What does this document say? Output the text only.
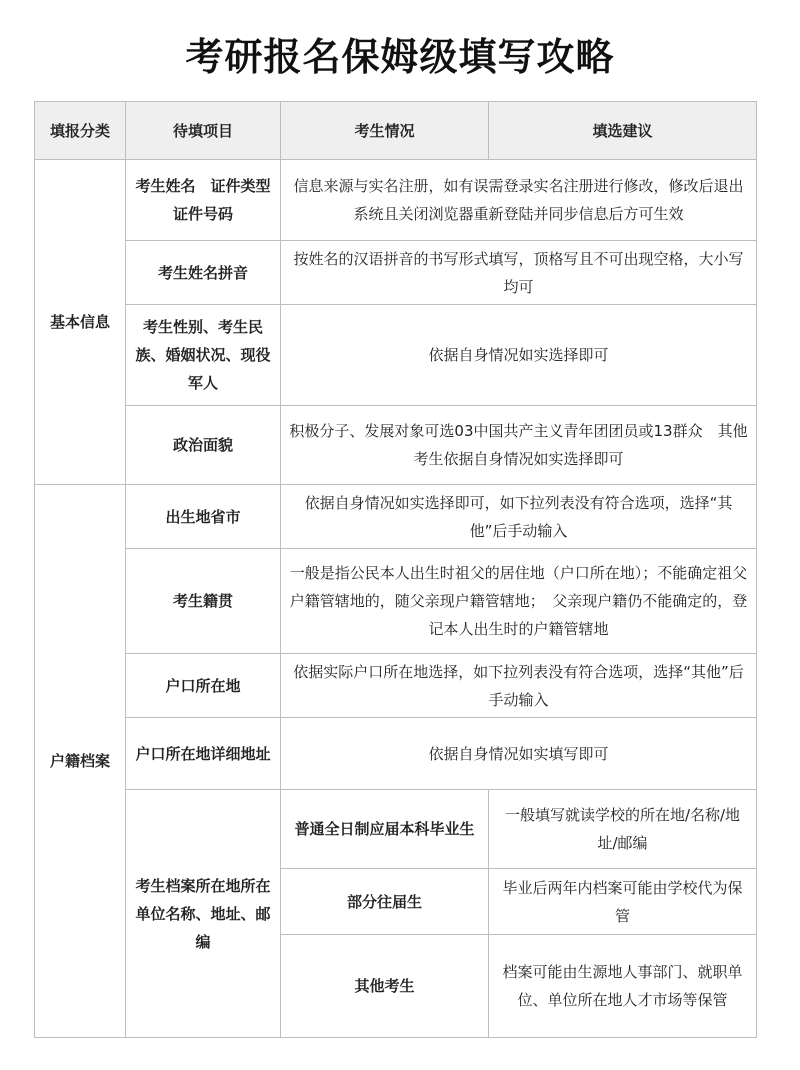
考研报名保姆级填写攻略
填报分类	待填项目	考生情况	填选建议
基本信息	考生姓名　证件类型　证件号码	信息来源与实名注册，如有误需登录实名注册进行修改，修改后退出系统且关闭浏览器重新登陆并同步信息后方可生效	
	考生姓名拼音	按姓名的汉语拼音的书写形式填写，顶格写且不可出现空格，大小写均可	
	考生性别、考生民族、婚姻状况、现役军人	依据自身情况如实选择即可	
	政治面貌	积极分子、发展对象可选03中国共产主义青年团团员或13群众　其他考生依据自身情况如实选择即可	
户籍档案	出生地省市	依据自身情况如实选择即可，如下拉列表没有符合选项，选择“其他”后手动输入	
	考生籍贯	一般是指公民本人出生时祖父的居住地（户口所在地）；不能确定祖父户籍管辖地的，随父亲现户籍管辖地；　父亲现户籍仍不能确定的，登记本人出生时的户籍管辖地	
	户口所在地	依据实际户口所在地选择，如下拉列表没有符合选项，选择“其他”后手动输入	
	户口所在地详细地址	依据自身情况如实填写即可	
	考生档案所在地所在单位名称、地址、邮编	普通全日制应届本科毕业生	一般填写就读学校的所在地/名称/地址/邮编
		部分往届生	毕业后两年内档案可能由学校代为保管
		其他考生	档案可能由生源地人事部门、就职单位、单位所在地人才市场等保管
